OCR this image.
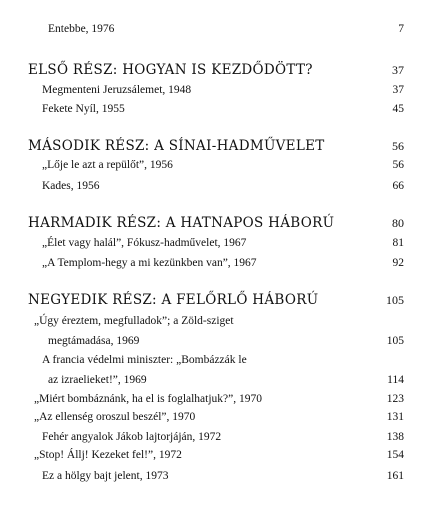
Entebbe, 1976	7
ELSŐ RÉSZ: HOGYAN IS KEZDŐDÖTT?	37
Megmenteni Jeruzsálemet, 1948	37
Fekete Nyíl, 1955	45
MÁSODIK RÉSZ: A SÍNAI-HADMŰVELET	56
„Lője le azt a repülőt”, 1956	56
Kades, 1956	66
HARMADIK RÉSZ: A HATNAPOS HÁBORÚ	80
„Élet vagy halál”, Fókusz-hadművelet, 1967	81
„A Templom-hegy a mi kezünkben van”, 1967	92
NEGYEDIK RÉSZ: A FELŐRLŐ HÁBORÚ	105
„Úgy éreztem, megfulladok”; a Zöld-sziget
megtámadása, 1969	105
A francia védelmi miniszter: „Bombázzák le
az izraelieket!”, 1969	114
„Miért bombáznánk, ha el is foglalhatjuk?”, 1970	123
„Az ellenség oroszul beszél”, 1970	131
Fehér angyalok Jákob lajtorjáján, 1972	138
„Stop! Állj! Kezeket fel!”, 1972	154
Ez a hölgy bajt jelent, 1973	161
